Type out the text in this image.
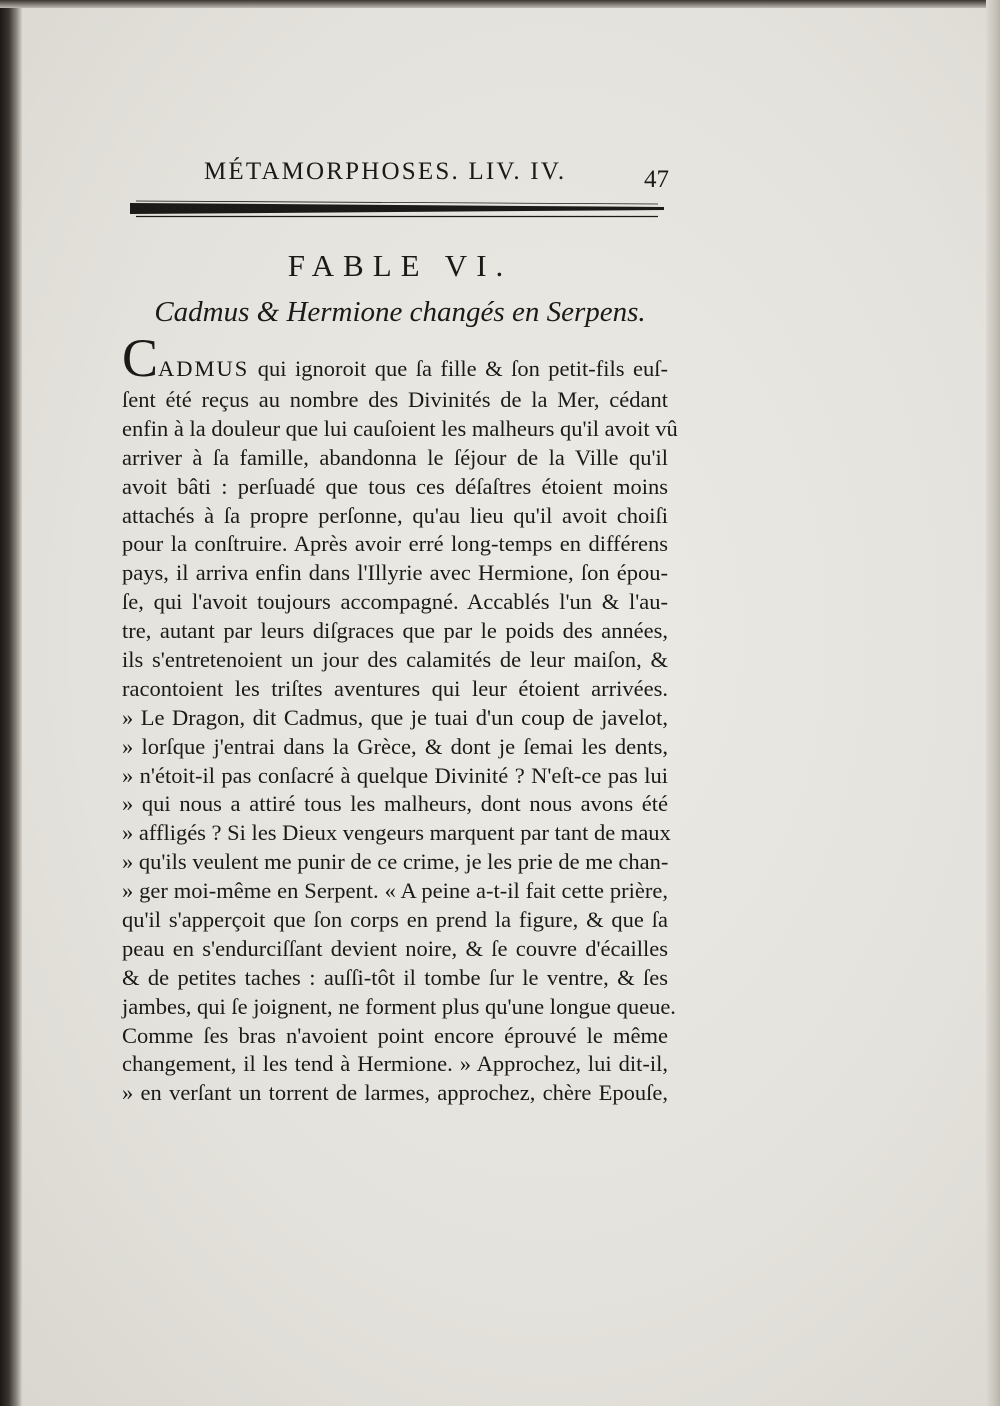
MÉTAMORPHOSES. LIV. IV.	47
FABLE VI.
Cadmus & Hermione changés en Serpens.
CADMUS qui ignoroit que ſa fille & ſon petit-fils euſ-
ſent été reçus au nombre des Divinités de la Mer, cédant
enfin à la douleur que lui cauſoient les malheurs qu'il avoit vû
arriver à ſa famille, abandonna le ſéjour de la Ville qu'il
avoit bâti : perſuadé que tous ces déſaſtres étoient moins
attachés à ſa propre perſonne, qu'au lieu qu'il avoit choiſi
pour la conſtruire. Après avoir erré long-temps en différens
pays, il arriva enfin dans l'Illyrie avec Hermione, ſon épou-
ſe, qui l'avoit toujours accompagné. Accablés l'un & l'au-
tre, autant par leurs diſgraces que par le poids des années,
ils s'entretenoient un jour des calamités de leur maiſon, &
racontoient les triſtes aventures qui leur étoient arrivées.
» Le Dragon, dit Cadmus, que je tuai d'un coup de javelot,
» lorſque j'entrai dans la Grèce, & dont je ſemai les dents,
» n'étoit-il pas conſacré à quelque Divinité ? N'eſt-ce pas lui
» qui nous a attiré tous les malheurs, dont nous avons été
» affligés ? Si les Dieux vengeurs marquent par tant de maux
» qu'ils veulent me punir de ce crime, je les prie de me chan-
» ger moi-même en Serpent. « A peine a-t-il fait cette prière,
qu'il s'apperçoit que ſon corps en prend la figure, & que ſa
peau en s'endurciſſant devient noire, & ſe couvre d'écailles
& de petites taches : auſſi-tôt il tombe ſur le ventre, & ſes
jambes, qui ſe joignent, ne forment plus qu'une longue queue.
Comme ſes bras n'avoient point encore éprouvé le même
changement, il les tend à Hermione. » Approchez, lui dit-il,
» en verſant un torrent de larmes, approchez, chère Epouſe,
